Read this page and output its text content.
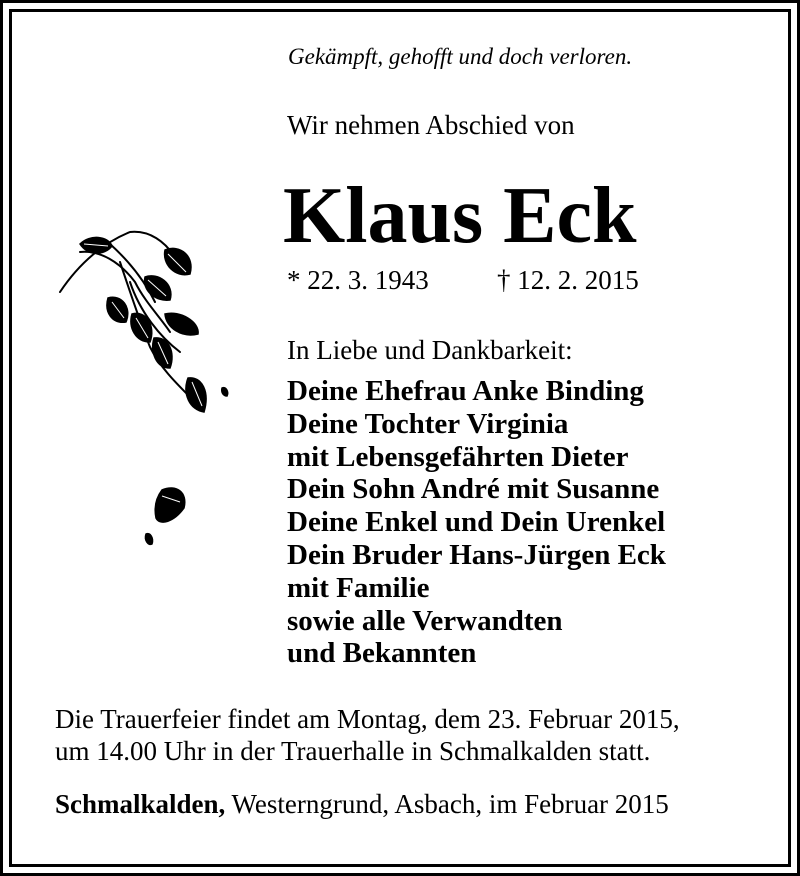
Gekämpft, gehofft und doch verloren.
Wir nehmen Abschied von
Klaus Eck
* 22. 3. 1943	† 12. 2. 2015
In Liebe und Dankbarkeit:
Deine Ehefrau Anke Binding
Deine Tochter Virginia
mit Lebensgefährten Dieter
Dein Sohn André mit Susanne
Deine Enkel und Dein Urenkel
Dein Bruder Hans-Jürgen Eck
mit Familie
sowie alle Verwandten
und Bekannten
Die Trauerfeier findet am Montag, dem 23. Februar 2015,
um 14.00 Uhr in der Trauerhalle in Schmalkalden statt.
Schmalkalden, Westerngrund, Asbach, im Februar 2015
